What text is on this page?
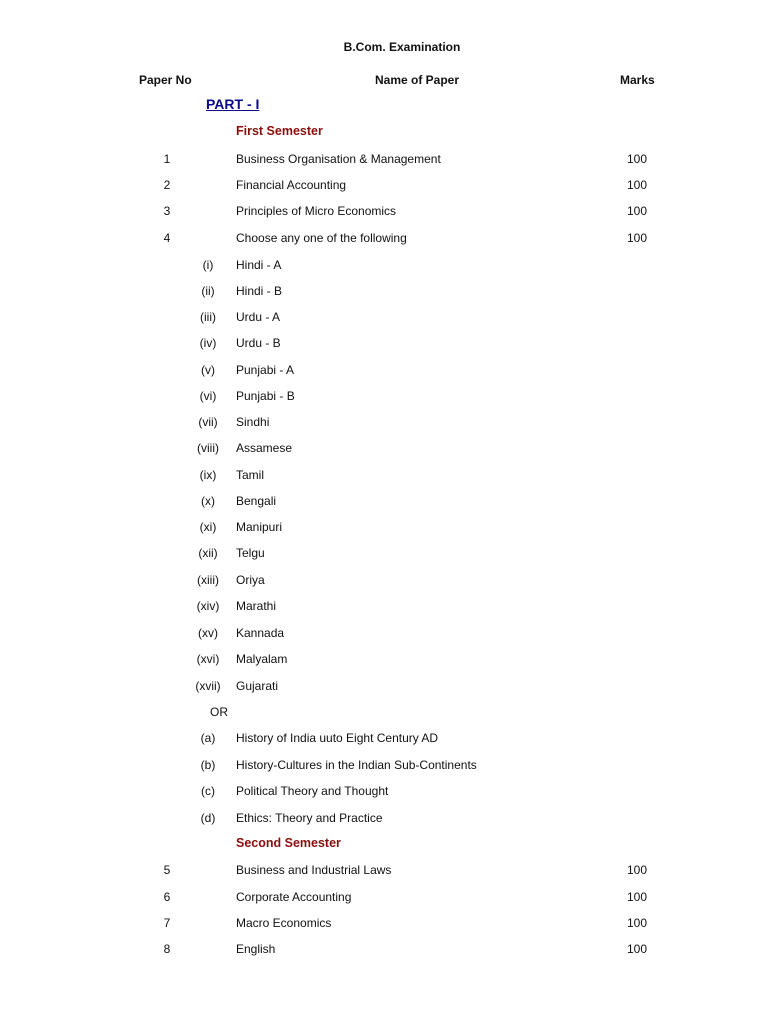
B.Com. Examination
Paper No	Name of Paper	Marks
PART - I
First Semester
1	Business Organisation & Management	100
2	Financial Accounting	100
3	Principles of Micro Economics	100
4	Choose any one of the following	100
(i)	Hindi - A
(ii)	Hindi - B
(iii)	Urdu - A
(iv)	Urdu - B
(v)	Punjabi - A
(vi)	Punjabi - B
(vii)	Sindhi
(viii)	Assamese
(ix)	Tamil
(x)	Bengali
(xi)	Manipuri
(xii)	Telgu
(xiii)	Oriya
(xiv)	Marathi
(xv)	Kannada
(xvi)	Malyalam
(xvii)	Gujarati
OR
(a)	History of India uuto Eight Century AD
(b)	History-Cultures in the Indian Sub-Continents
(c)	Political Theory and Thought
(d)	Ethics: Theory and Practice
Second Semester
5	Business and Industrial Laws	100
6	Corporate Accounting	100
7	Macro Economics	100
8	English	100
